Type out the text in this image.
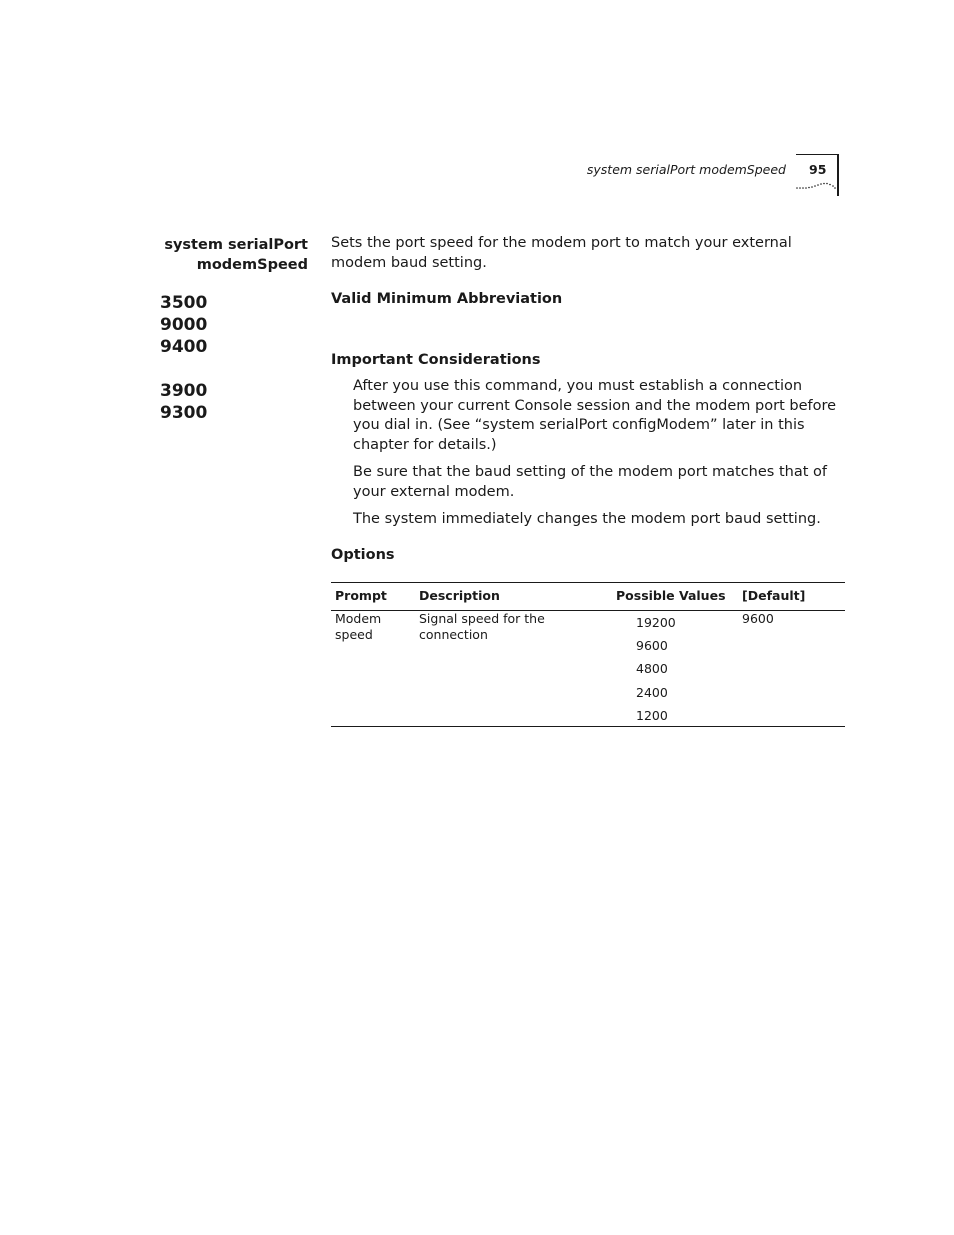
system serialPort modemSpeed 95
system serialPort
modemSpeed
3500
9000
9400
3900
9300
Sets the port speed for the modem port to match your external modem baud setting.
Valid Minimum Abbreviation
Important Considerations

After you use this command, you must establish a connection between your current Console session and the modem port before you dial in. (See “system serialPort configModem” later in this chapter for details.)

Be sure that the baud setting of the modem port matches that of your external modem.

The system immediately changes the modem port baud setting.

Options
Prompt	Description	Possible Values [Default]
Modem
speed
Signal speed for the
connection
19200
9600
4800
2400
1200
9600
